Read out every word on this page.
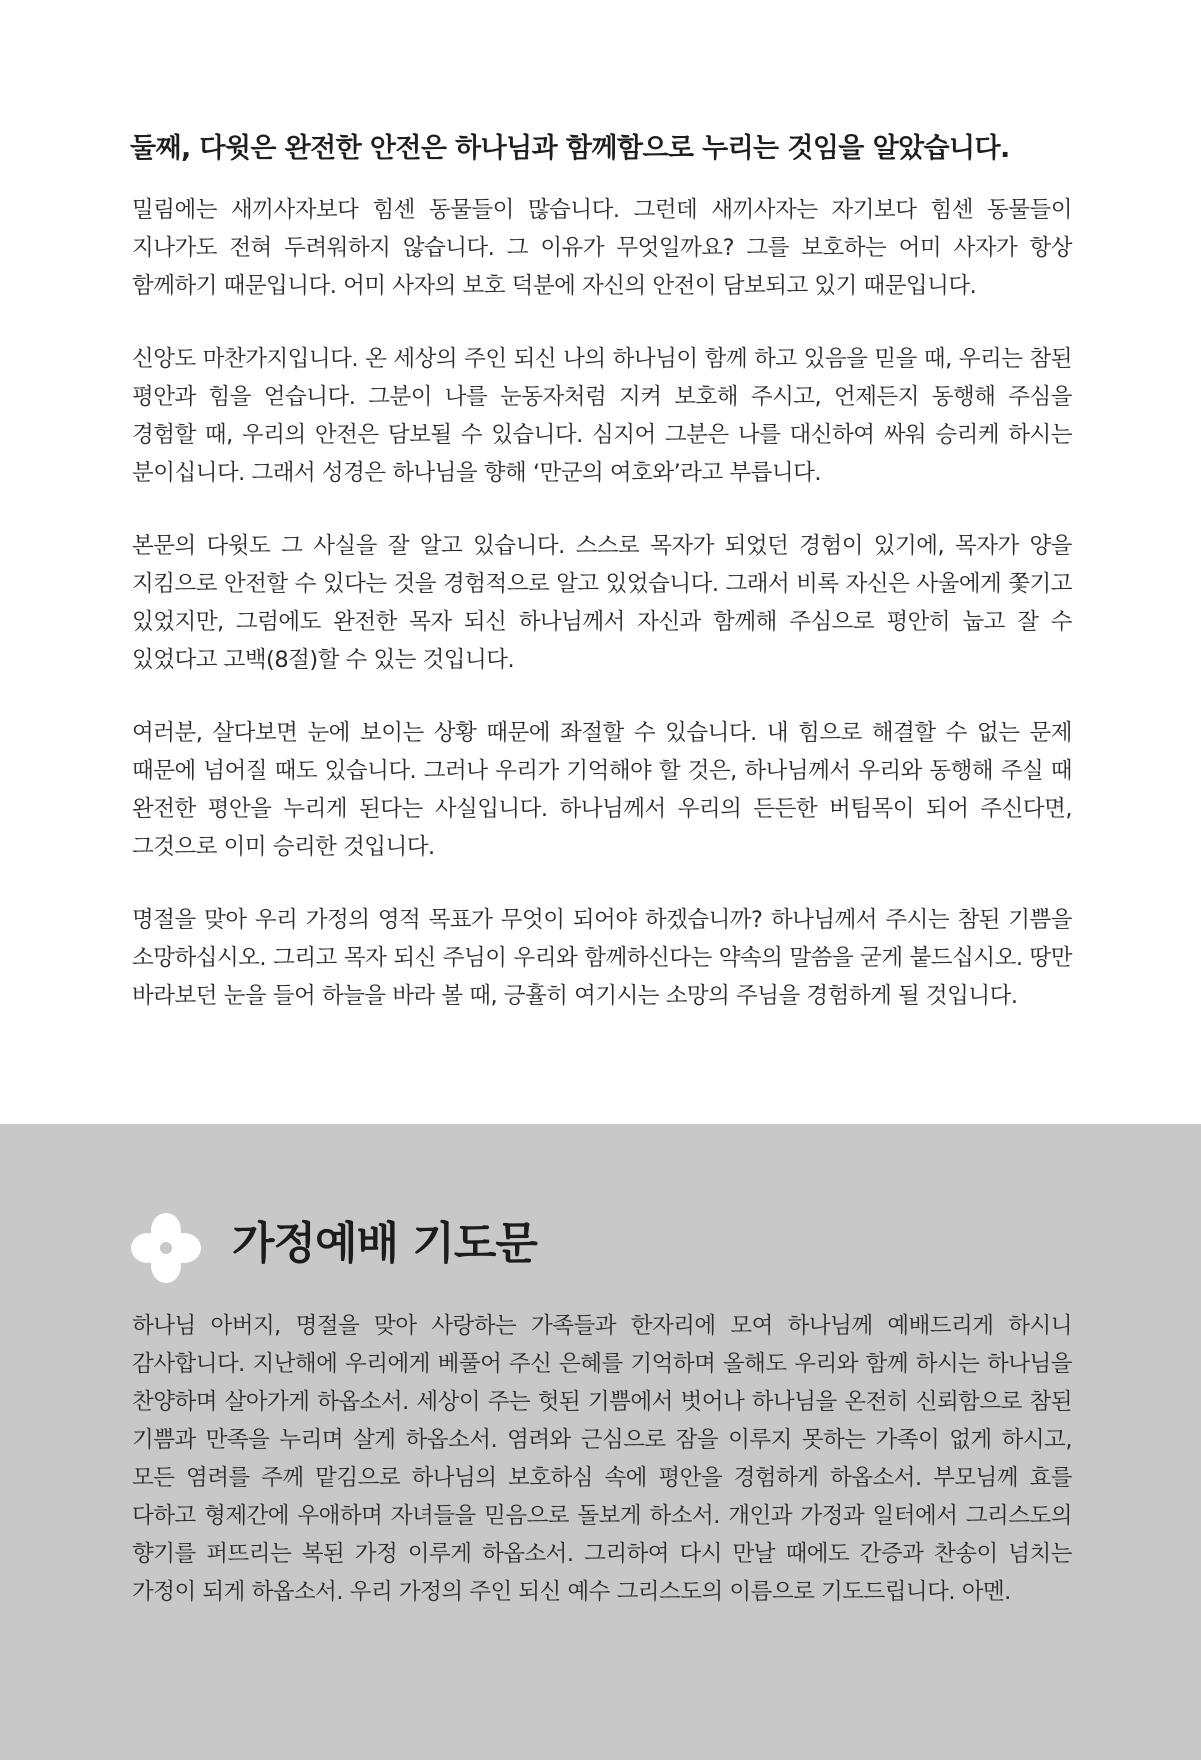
둘째, 다윗은 완전한 안전은 하나님과 함께함으로 누리는 것임을 알았습니다.

밀림에는 새끼사자보다 힘센 동물들이 많습니다. 그런데 새끼사자는 자기보다 힘센 동물들이 지나가도 전혀 두려워하지 않습니다. 그 이유가 무엇일까요? 그를 보호하는 어미 사자가 항상 함께하기 때문입니다. 어미 사자의 보호 덕분에 자신의 안전이 담보되고 있기 때문입니다.

신앙도 마찬가지입니다. 온 세상의 주인 되신 나의 하나님이 함께 하고 있음을 믿을 때, 우리는 참된 평안과 힘을 얻습니다. 그분이 나를 눈동자처럼 지켜 보호해 주시고, 언제든지 동행해 주심을 경험할 때, 우리의 안전은 담보될 수 있습니다. 심지어 그분은 나를 대신하여 싸워 승리케 하시는 분이십니다. 그래서 성경은 하나님을 향해 ‘만군의 여호와’라고 부릅니다.

본문의 다윗도 그 사실을 잘 알고 있습니다. 스스로 목자가 되었던 경험이 있기에, 목자가 양을 지킴으로 안전할 수 있다는 것을 경험적으로 알고 있었습니다. 그래서 비록 자신은 사울에게 쫓기고 있었지만, 그럼에도 완전한 목자 되신 하나님께서 자신과 함께해 주심으로 평안히 눕고 잘 수 있었다고 고백(8절)할 수 있는 것입니다.

여러분, 살다보면 눈에 보이는 상황 때문에 좌절할 수 있습니다. 내 힘으로 해결할 수 없는 문제 때문에 넘어질 때도 있습니다. 그러나 우리가 기억해야 할 것은, 하나님께서 우리와 동행해 주실 때 완전한 평안을 누리게 된다는 사실입니다. 하나님께서 우리의 든든한 버팀목이 되어 주신다면, 그것으로 이미 승리한 것입니다.

명절을 맞아 우리 가정의 영적 목표가 무엇이 되어야 하겠습니까? 하나님께서 주시는 참된 기쁨을 소망하십시오. 그리고 목자 되신 주님이 우리와 함께하신다는 약속의 말씀을 굳게 붙드십시오. 땅만 바라보던 눈을 들어 하늘을 바라 볼 때, 긍휼히 여기시는 소망의 주님을 경험하게 될 것입니다.

가정예배 기도문

하나님 아버지, 명절을 맞아 사랑하는 가족들과 한자리에 모여 하나님께 예배드리게 하시니 감사합니다. 지난해에 우리에게 베풀어 주신 은혜를 기억하며 올해도 우리와 함께 하시는 하나님을 찬양하며 살아가게 하옵소서. 세상이 주는 헛된 기쁨에서 벗어나 하나님을 온전히 신뢰함으로 참된 기쁨과 만족을 누리며 살게 하옵소서. 염려와 근심으로 잠을 이루지 못하는 가족이 없게 하시고, 모든 염려를 주께 맡김으로 하나님의 보호하심 속에 평안을 경험하게 하옵소서. 부모님께 효를 다하고 형제간에 우애하며 자녀들을 믿음으로 돌보게 하소서. 개인과 가정과 일터에서 그리스도의 향기를 퍼뜨리는 복된 가정 이루게 하옵소서. 그리하여 다시 만날 때에도 간증과 찬송이 넘치는 가정이 되게 하옵소서. 우리 가정의 주인 되신 예수 그리스도의 이름으로 기도드립니다. 아멘.
